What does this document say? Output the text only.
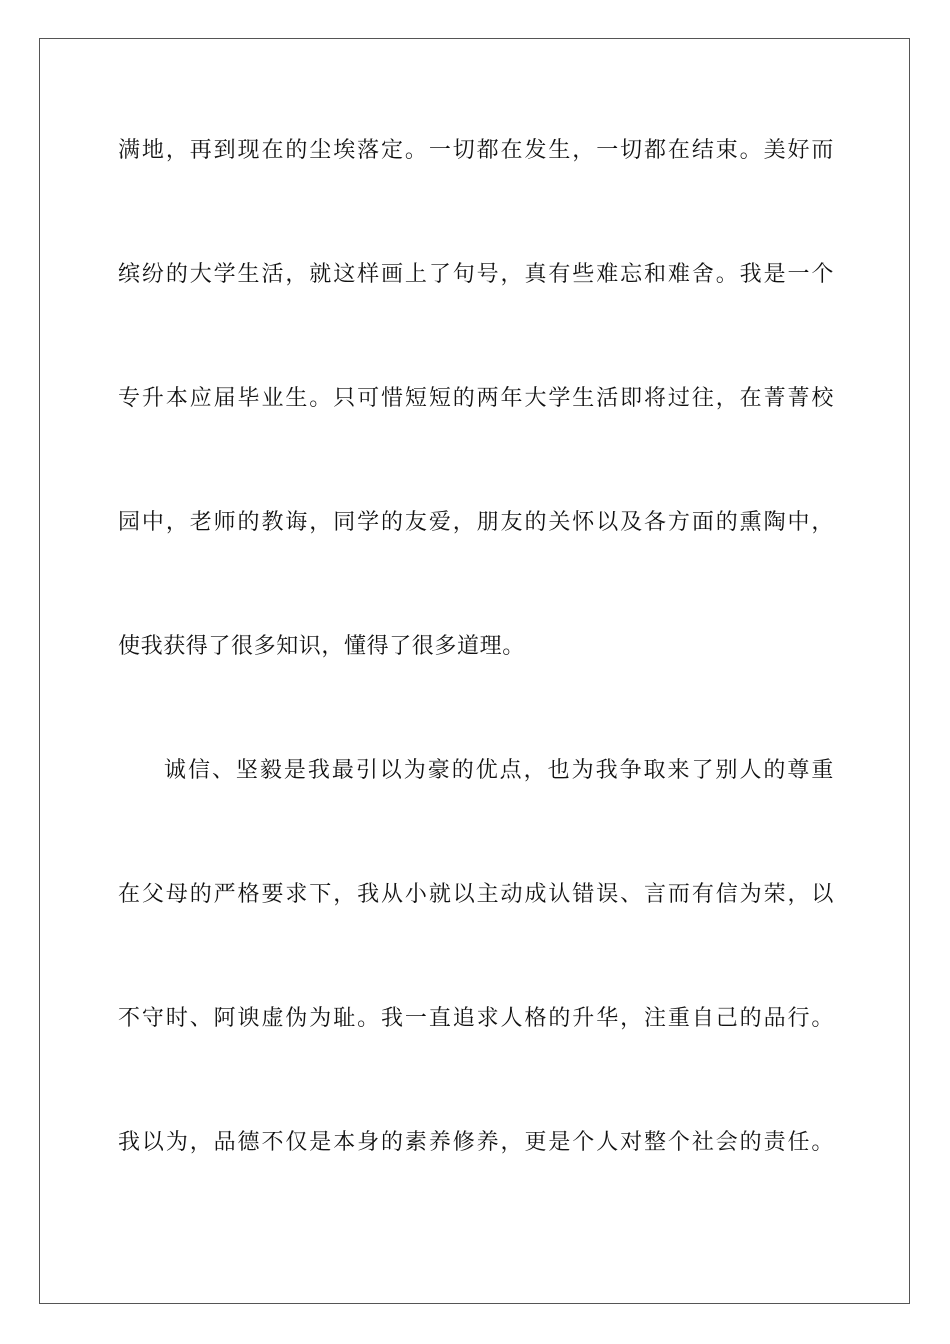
满地，再到现在的尘埃落定。一切都在发生，一切都在结束。美好而
缤纷的大学生活，就这样画上了句号，真有些难忘和难舍。我是一个
专升本应届毕业生。只可惜短短的两年大学生活即将过往，在菁菁校
园中，老师的教诲，同学的友爱，朋友的关怀以及各方面的熏陶中，
使我获得了很多知识，懂得了很多道理。
诚信、坚毅是我最引以为豪的优点，也为我争取来了别人的尊重
在父母的严格要求下，我从小就以主动成认错误、言而有信为荣，以
不守时、阿谀虚伪为耻。我一直追求人格的升华，注重自己的品行。
我以为，品德不仅是本身的素养修养，更是个人对整个社会的责任。
